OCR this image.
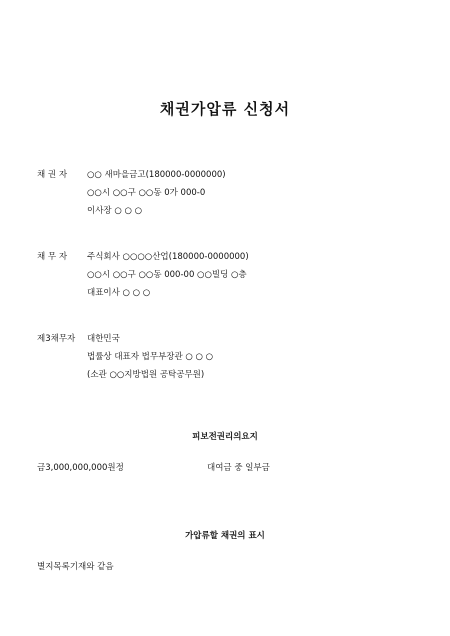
채권가압류 신청서
채 권 자	○○ 새마을금고(180000-0000000)
○○시 ○○구 ○○동 0가 000-0
이사장 ○ ○ ○
채 무 자	주식회사 ○○○○산업(180000-0000000)
○○시 ○○구 ○○동 000-00 ○○빌딩 ○층
대표이사 ○ ○ ○
제3채무자	대한민국
법률상 대표자 법무부장관 ○ ○ ○
(소관 ○○지방법원 공탁공무원)
피보전권리의요지
금3,000,000,000원정	대여금 중 일부금
가압류할 채권의 표시
별지목록기재와 같음
